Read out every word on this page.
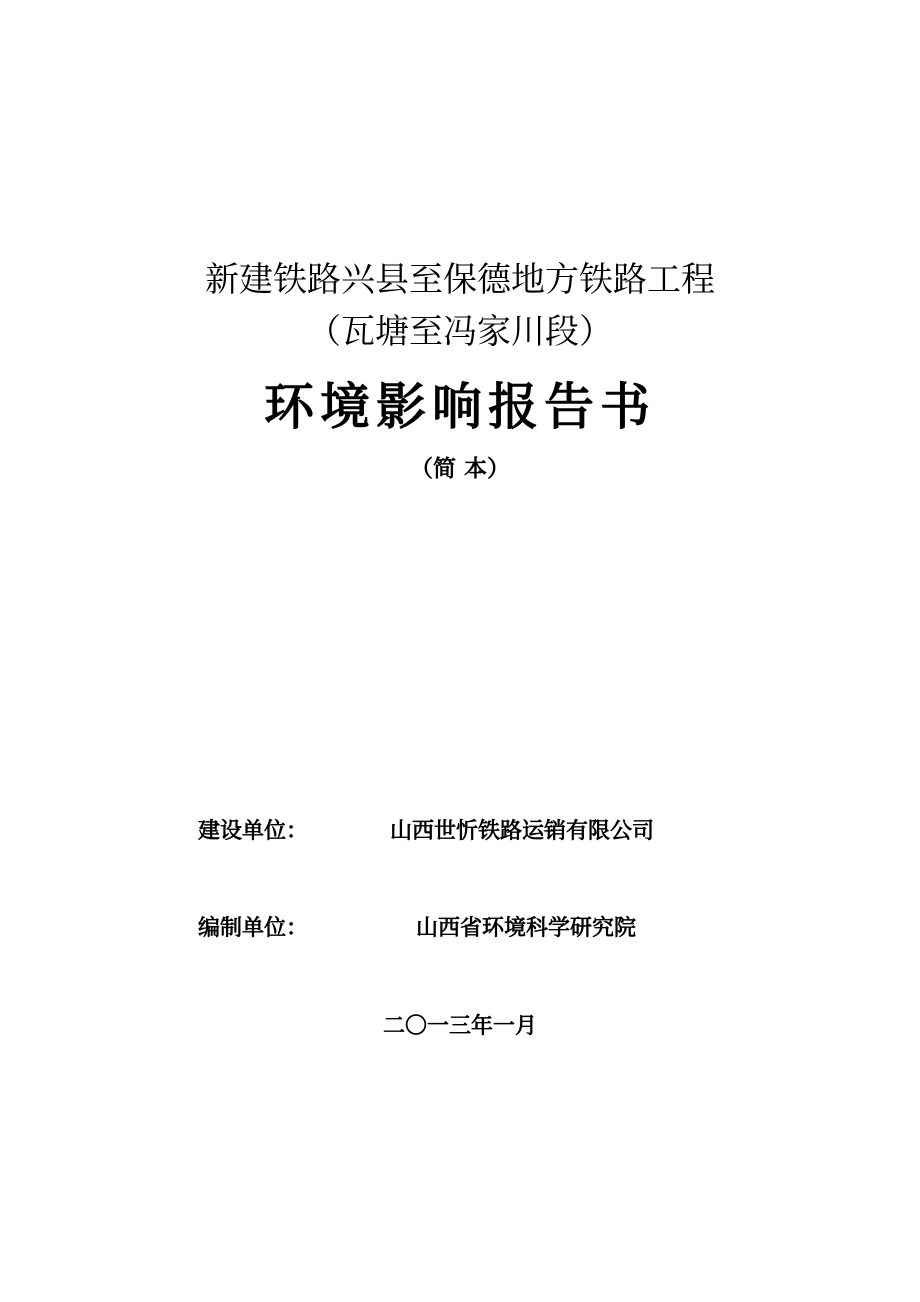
新建铁路兴县至保德地方铁路工程
（瓦塘至冯家川段）
环境影响报告书
（简 本）
建设单位：	山西世忻铁路运销有限公司
编制单位：	山西省环境科学研究院
二〇一三年一月
